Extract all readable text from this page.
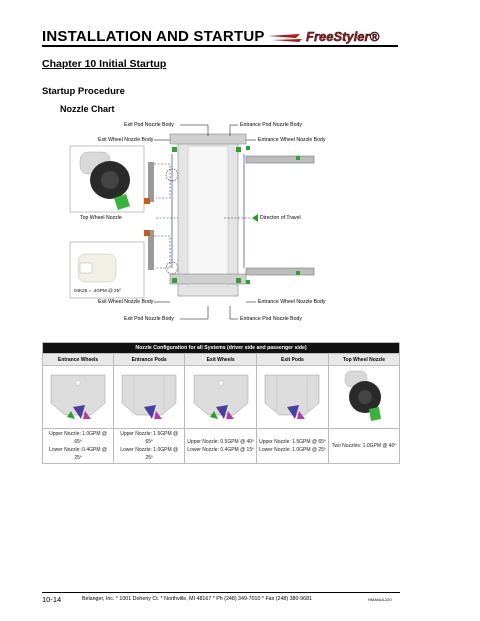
INSTALLATION AND STARTUP	FreeStyler®
Chapter 10 Initial Startup
Startup Procedure
Nozzle Chart
Exit Pod Nozzle Body	Entrance Pod Nozzle Body
Exit Wheel Nozzle Body	Entrance Wheel Nozzle Body
Top Wheel Nozzle	Directon of Travel
04K25 = .4GPM @ 25º
Exit Wheel Nozzle Body	Entrance Wheel Nozzle Body
Exit Pod Nozzle Body	Entrance Pod Nozzle Body
Nozzle Configuration for all Systems (driver side and passenger side)				
Entrance Wheels	Entrance Pods	Exit Wheels	Exit Pods	Top Wheel Nozzle

Upper Nozzle: 1.0GPM @
65º
Lower Nozzle: 0.4GPM @
25º	Upper Nozzle: 1.5GPM @
65º
Lower Nozzle: 1.0GPM @
25º	Upper Nozzle: 0.5GPM @ 40º
Lower Nozzle: 0.4GPM @ 15º	Upper Nozzle: 1.5GPM @ 65º
Lower Nozzle: 1.0GPM @ 25º	Two Nozzles: 1.0GPM @ 40º
10-14	Belanger, Inc. * 1001 Doheny Ct. * Northville, MI 48167 * Ph (248) 349-7010 * Fax (248) 380-9681	HMANUL220
